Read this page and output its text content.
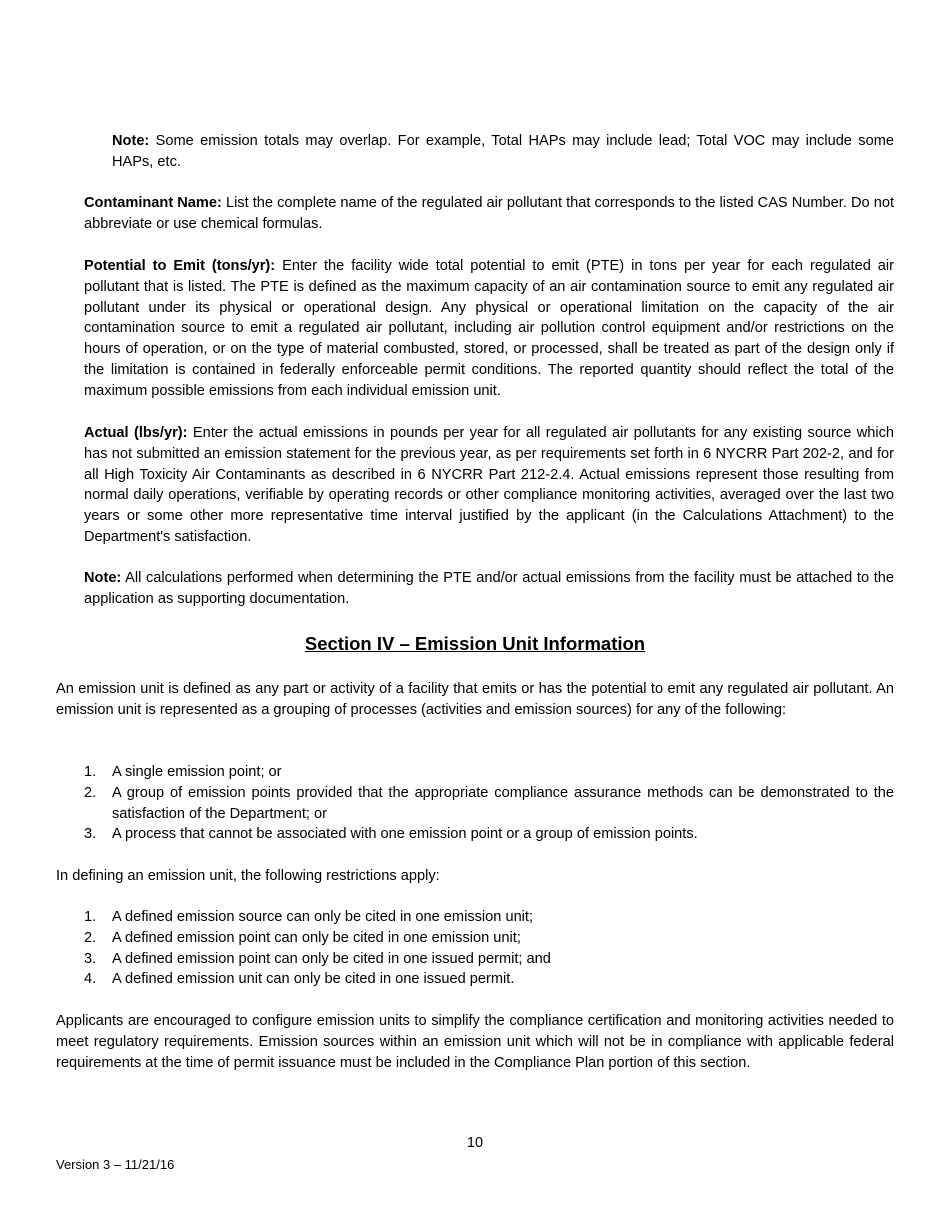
Note: Some emission totals may overlap. For example, Total HAPs may include lead; Total VOC may include some HAPs, etc.

Contaminant Name: List the complete name of the regulated air pollutant that corresponds to the listed CAS Number. Do not abbreviate or use chemical formulas.

Potential to Emit (tons/yr): Enter the facility wide total potential to emit (PTE) in tons per year for each regulated air pollutant that is listed. The PTE is defined as the maximum capacity of an air contamination source to emit any regulated air pollutant under its physical or operational design. Any physical or operational limitation on the capacity of the air contamination source to emit a regulated air pollutant, including air pollution control equipment and/or restrictions on the hours of operation, or on the type of material combusted, stored, or processed, shall be treated as part of the design only if the limitation is contained in federally enforceable permit conditions. The reported quantity should reflect the total of the maximum possible emissions from each individual emission unit.

Actual (lbs/yr): Enter the actual emissions in pounds per year for all regulated air pollutants for any existing source which has not submitted an emission statement for the previous year, as per requirements set forth in 6 NYCRR Part 202-2, and for all High Toxicity Air Contaminants as described in 6 NYCRR Part 212-2.4. Actual emissions represent those resulting from normal daily operations, verifiable by operating records or other compliance monitoring activities, averaged over the last two years or some other more representative time interval justified by the applicant (in the Calculations Attachment) to the Department's satisfaction.

Note: All calculations performed when determining the PTE and/or actual emissions from the facility must be attached to the application as supporting documentation.

Section IV – Emission Unit Information

An emission unit is defined as any part or activity of a facility that emits or has the potential to emit any regulated air pollutant. An emission unit is represented as a grouping of processes (activities and emission sources) for any of the following:

1. A single emission point; or
2. A group of emission points provided that the appropriate compliance assurance methods can be demonstrated to the satisfaction of the Department; or
3. A process that cannot be associated with one emission point or a group of emission points.

In defining an emission unit, the following restrictions apply:

1. A defined emission source can only be cited in one emission unit;
2. A defined emission point can only be cited in one emission unit;
3. A defined emission point can only be cited in one issued permit; and
4. A defined emission unit can only be cited in one issued permit.

Applicants are encouraged to configure emission units to simplify the compliance certification and monitoring activities needed to meet regulatory requirements. Emission sources within an emission unit which will not be in compliance with applicable federal requirements at the time of permit issuance must be included in the Compliance Plan portion of this section.

10
Version 3 – 11/21/16
